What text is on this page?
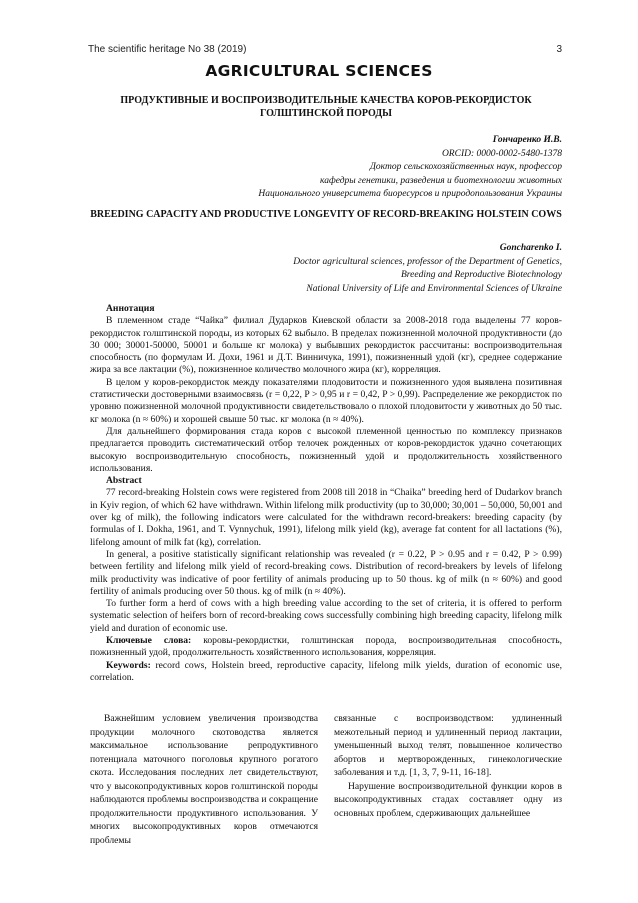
The scientific heritage No 38 (2019)	3
AGRICULTURAL SCIENCES
ПРОДУКТИВНЫЕ И ВОСПРОИЗВОДИТЕЛЬНЫЕ КАЧЕСТВА КОРОВ-РЕКОРДИСТОК ГОЛШТИНСКОЙ ПОРОДЫ
Гончаренко И.В.
ORCID: 0000-0002-5480-1378
Доктор сельскохозяйственных наук, профессор
кафедры генетики, разведения и биотехнологии животных
Национального университета биоресурсов и природопользования Украины
BREEDING CAPACITY AND PRODUCTIVE LONGEVITY OF RECORD-BREAKING HOLSTEIN COWS
Goncharenko I.
Doctor agricultural sciences, professor of the Department of Genetics,
Breeding and Reproductive Biotechnology
National University of Life and Environmental Sciences of Ukraine

Аннотация

В племенном стаде “Чайка” филиал Дударков Киевской области за 2008-2018 года выделены 77 коров-рекордисток голштинской породы, из которых 62 выбыло. В пределах пожизненной молочной продуктивности (до 30 000; 30001-50000, 50001 и больше кг молока) у выбывших рекордисток рассчитаны: воспроизводительная способность (по формулам И. Дохи, 1961 и Д.Т. Винничука, 1991), пожизненный удой (кг), среднее содержание жира за все лактации (%), пожизненное количество молочного жира (кг), корреляция.

В целом у коров-рекордисток между показателями плодовитости и пожизненного удоя выявлена позитивная статистически достоверными взаимосвязь (r = 0,22, P > 0,95 и r = 0,42, P > 0,99). Распределение же рекордисток по уровню пожизненной молочной продуктивности свидетельствовало о плохой плодовитости у животных до 50 тыс. кг молока (n ≈ 60%) и хорошей свыше 50 тыс. кг молока (n ≈ 40%).

Для дальнейшего формирования стада коров с высокой племенной ценностью по комплексу признаков предлагается проводить систематический отбор телочек рожденных от коров-рекордисток удачно сочетающих высокую воспроизводительную способность, пожизненный удой и продолжительность хозяйственного использования.

Abstract

77 record-breaking Holstein cows were registered from 2008 till 2018 in “Chaika” breeding herd of Dudarkov branch in Kyiv region, of which 62 have withdrawn. Within lifelong milk productivity (up to 30,000; 30,001 – 50,000, 50,001 and over kg of milk), the following indicators were calculated for the withdrawn record-breakers: breeding capacity (by formulas of I. Dokha, 1961, and T. Vynnychuk, 1991), lifelong milk yield (kg), average fat content for all lactations (%), lifelong amount of milk fat (kg), correlation.

In general, a positive statistically significant relationship was revealed (r = 0.22, P > 0.95 and r = 0.42, P > 0.99) between fertility and lifelong milk yield of record-breaking cows. Distribution of record-breakers by levels of lifelong milk productivity was indicative of poor fertility of animals producing up to 50 thous. kg of milk (n ≈ 60%) and good fertility of animals producing over 50 thous. kg of milk (n ≈ 40%).

To further form a herd of cows with a high breeding value according to the set of criteria, it is offered to perform systematic selection of heifers born of record-breaking cows successfully combining high breeding capacity, lifelong milk yield and duration of economic use.

Ключевые слова: коровы-рекордистки, голштинская порода, воспроизводительная способность, пожизненный удой, продолжительность хозяйственного использования, корреляция.

Keywords: record cows, Holstein breed, reproductive capacity, lifelong milk yields, duration of economic use, correlation.

Важнейшим условием увеличения производства продукции молочного скотоводства является максимальное использование репродуктивного потенциала маточного поголовья крупного рогатого скота. Исследования последних лет свидетельствуют, что у высокопродуктивных коров голштинской породы наблюдаются проблемы воспроизводства и сокращение продолжительности продуктивного использования. У многих высокопродуктивных коров отмечаются проблемы

связанные с воспроизводством: удлиненный межотельный период и удлиненный период лактации, уменьшенный выход телят, повышенное количество абортов и мертворожденных, гинекологические заболевания и т.д. [1, 3, 7, 9-11, 16-18].

Нарушение воспроизводительной функции коров в высокопродуктивных стадах составляет одну из основных проблем, сдерживающих дальнейшее
